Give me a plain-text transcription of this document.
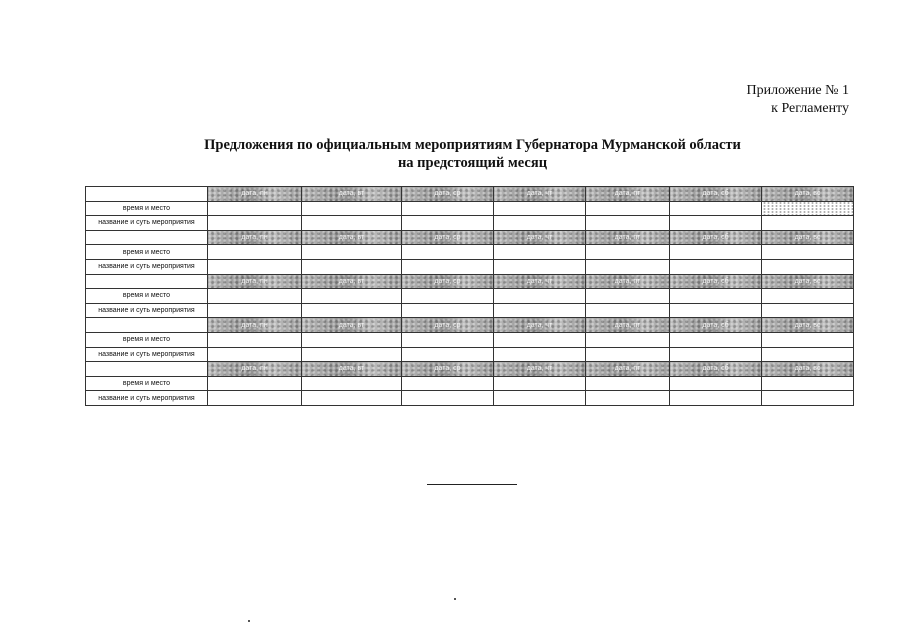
Приложение № 1
к Регламенту
Предложения по официальным мероприятиям Губернатора Мурманской области
на предстоящий месяц
	дата, пн	дата, вт	дата, ср	дата, чт	дата, пт	дата, сб	дата, вс
время и место							
название и суть мероприятия							
	дата, пн	дата, вт	дата, ср	дата, чт	дата, пт	дата, сб	дата, вс
время и место							
название и суть мероприятия							
	дата, пн	дата, вт	дата, ср	дата, чт	дата, пт	дата, сб	дата, вс
время и место							
название и суть мероприятия							
	дата, пн	дата, вт	дата, ср	дата, чт	дата, пт	дата, сб	дата, вс
время и место							
название и суть мероприятия							
	дата, пн	дата, вт	дата, ср	дата, чт	дата, пт	дата, сб	дата, вс
время и место							
название и суть мероприятия							
